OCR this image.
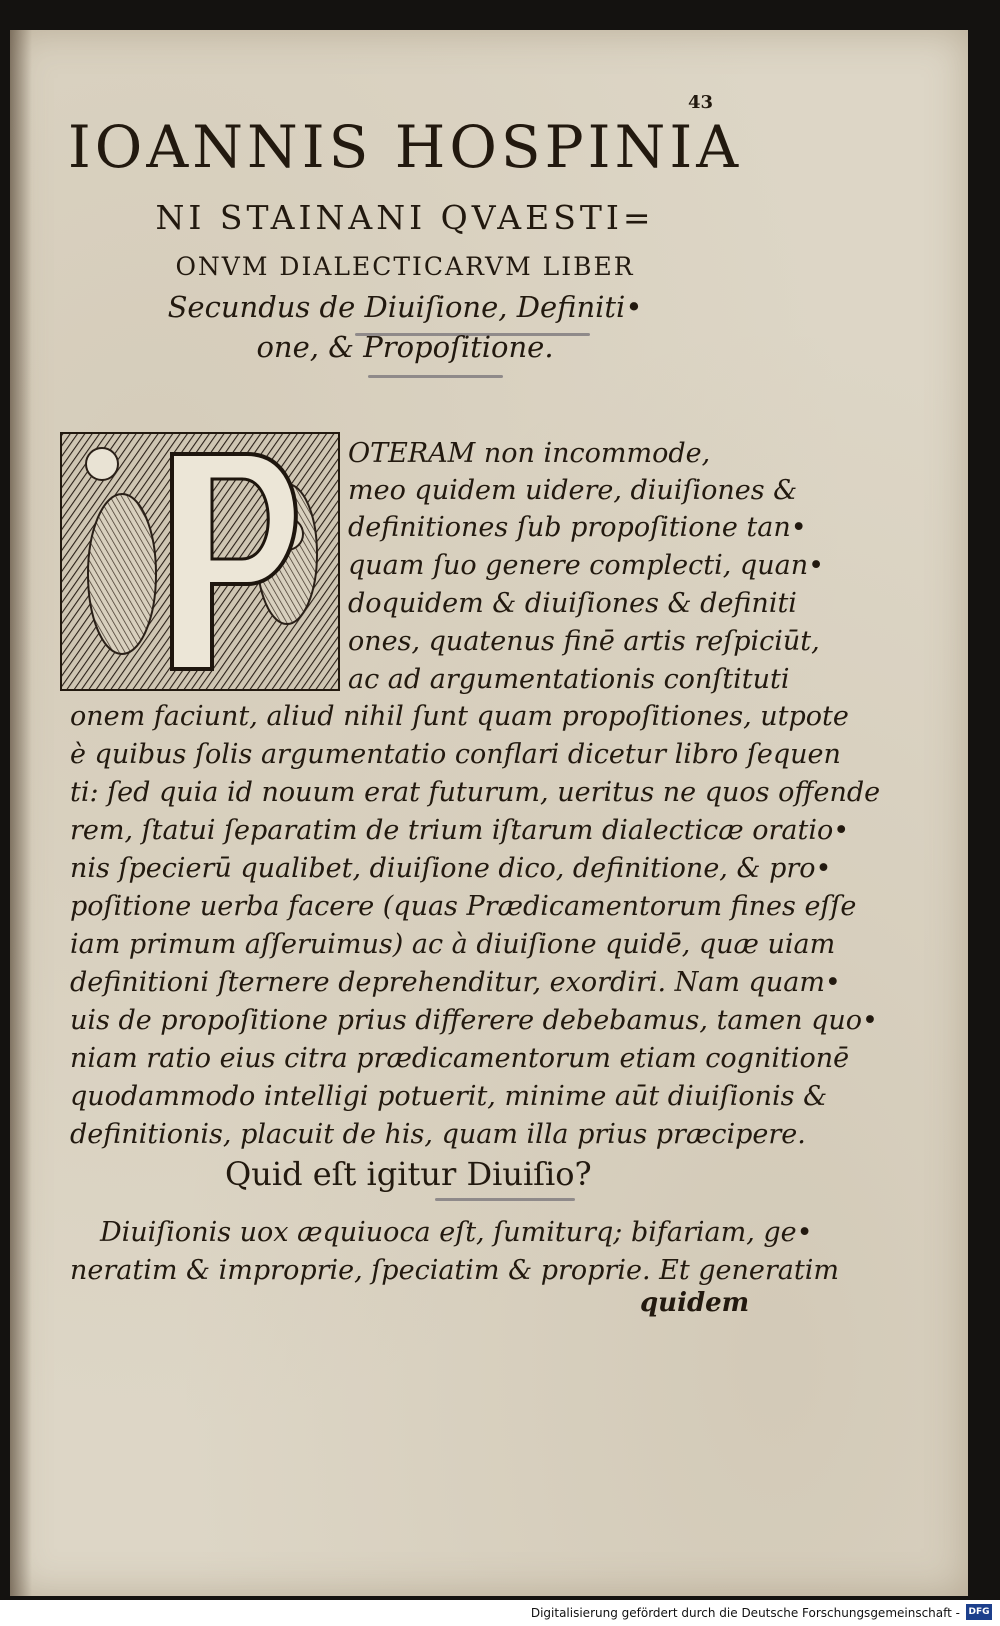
43
IOANNIS HOSPINIA
NI STAINANI QVAESTI=
ONVM DIALECTICARVM LIBER
Secundus de Diuiſione, Definiti•
one, & Propoſitione.
OTERAM non incommode,
meo quidem uidere, diuiſiones &
definitiones ſub propoſitione tan•
quam ſuo genere complecti, quan•
doquidem & diuiſiones & definiti
ones, quatenus finē artis reſpiciūt,
ac ad argumentationis conſtituti
onem faciunt, aliud nihil ſunt quam propoſitiones, utpote
è quibus ſolis argumentatio conflari dicetur libro ſequen
ti: ſed quia id nouum erat futurum, ueritus ne quos offende
rem, ſtatui ſeparatim de trium iſtarum dialecticæ oratio•
nis ſpecierū qualibet, diuiſione dico, definitione, & pro•
poſitione uerba facere (quas Prædicamentorum fines eſſe
iam primum aſſeruimus) ac à diuiſione quidē, quæ uiam
definitioni ſternere deprehenditur, exordiri. Nam quam•
uis de propoſitione prius differere debebamus, tamen quo•
niam ratio eius citra prædicamentorum etiam cognitionē
quodammodo intelligi potuerit, minime aūt diuiſionis &
definitionis, placuit de his, quam illa prius præcipere.
Quid eſt igitur Diuiſio?
Diuiſionis uox æquiuoca eſt, ſumiturq; bifariam, ge•
neratim & improprie, ſpeciatim & proprie. Et generatim
quidem
Digitalisierung gefördert durch die Deutsche Forschungsgemeinschaft - DFG
